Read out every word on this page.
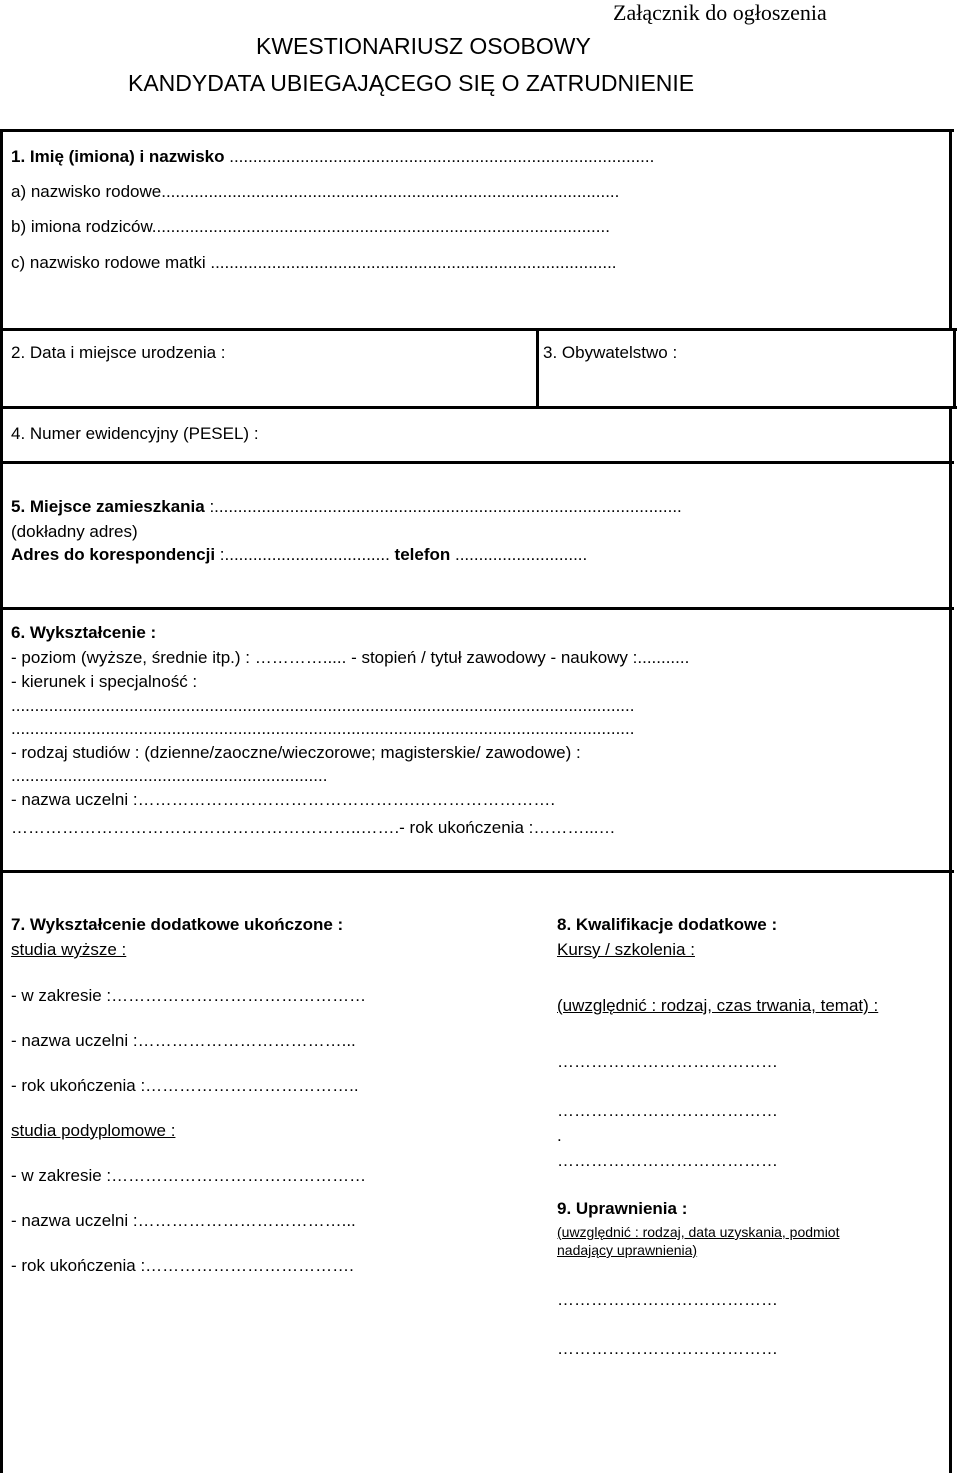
Załącznik do ogłoszenia
KWESTIONARIUSZ OSOBOWY
KANDYDATA UBIEGAJĄCEGO SIĘ O ZATRUDNIENIE
1. Imię (imiona) i nazwisko ..........................................................................................
a) nazwisko rodowe.................................................................................................
b) imiona rodziców.................................................................................................
c) nazwisko rodowe matki ......................................................................................
2. Data i miejsce urodzenia :	3. Obywatelstwo :
4. Numer ewidencyjny (PESEL) :
5. Miejsce zamieszkania :...................................................................................................
(dokładny adres)
Adres do korespondencji :................................... telefon ............................
6. Wykształcenie :
- poziom (wyższe, średnie itp.) : …………..... - stopień / tytuł zawodowy - naukowy :...........
- kierunek i specjalność :
....................................................................................................................................
....................................................................................................................................
- rodzaj studiów : (dzienne/zaoczne/wieczorowe; magisterskie/ zawodowe) :
...................................................................
- nazwa uczelni :………………………………………….…………………….
……………………………………………………..…….- rok ukończenia :………...…
7. Wykształcenie dodatkowe ukończone :
studia wyższe :
- w zakresie :………………………………………
- nazwa uczelni :………………………………...
- rok ukończenia :………………………………..
studia podyplomowe :
- w zakresie :………………………………………
- nazwa uczelni :………………………………...
- rok ukończenia :……………………………….
8. Kwalifikacje dodatkowe :
Kursy / szkolenia :
(uwzględnić : rodzaj, czas trwania, temat) :
…………………………………
…………………………………
.
…………………………………
9. Uprawnienia :
(uwzględnić : rodzaj, data uzyskania, podmiot
nadający uprawnienia)
…………………………………
…………………………………
